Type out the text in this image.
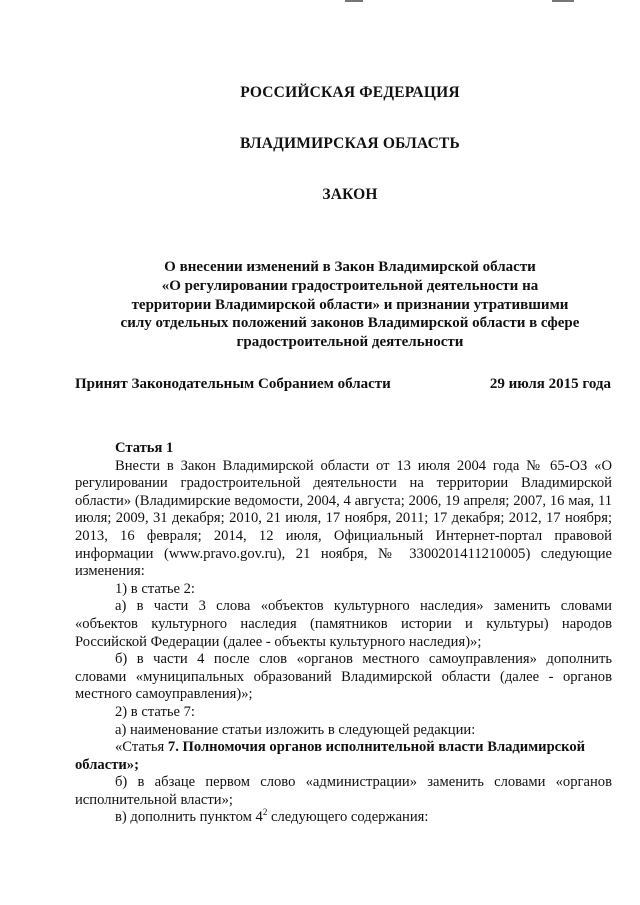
РОССИЙСКАЯ ФЕДЕРАЦИЯ
ВЛАДИМИРСКАЯ ОБЛАСТЬ
ЗАКОН
О внесении изменений в Закон Владимирской области
«О регулировании градостроительной деятельности на
территории Владимирской области» и признании утратившими
силу отдельных положений законов Владимирской области в сфере
градостроительной деятельности
Принят Законодательным Собранием области	29 июля 2015 года
Статья 1

Внести в Закон Владимирской области от 13 июля 2004 года № 65-ОЗ «О регулировании градостроительной деятельности на территории Владимирской области» (Владимирские ведомости, 2004, 4 августа; 2006, 19 апреля; 2007, 16 мая, 11 июля; 2009, 31 декабря; 2010, 21 июля, 17 ноября, 2011; 17 декабря; 2012, 17 ноября; 2013, 16 февраля; 2014, 12 июля, Официальный Интернет-портал правовой информации (www.pravo.gov.ru), 21 ноября, № 3300201411210005) следующие изменения:

1) в статье 2:

а) в части 3 слова «объектов культурного наследия» заменить словами «объектов культурного наследия (памятников истории и культуры) народов Российской Федерации (далее - объекты культурного наследия)»;

б) в части 4 после слов «органов местного самоуправления» дополнить словами «муниципальных образований Владимирской области (далее - органов местного самоуправления)»;

2) в статье 7:

а) наименование статьи изложить в следующей редакции:

«Статья 7. Полномочия органов исполнительной власти Владимирской

области»;

б) в абзаце первом слово «администрации» заменить словами «органов исполнительной власти»;

в) дополнить пунктом $4^2$ следующего содержания:
